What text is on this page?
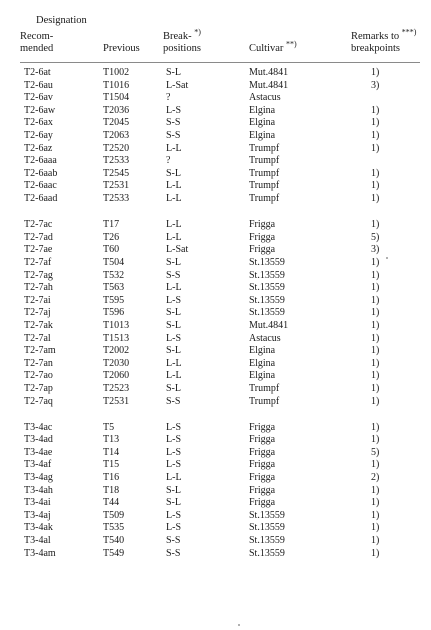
Designation
Recom-
mended	Previous
Break- *)
positions	Cultivar **)
Remarks to ***)
breakpoints
T2-6at	T1002	S-L	Mut.4841	1)
T2-6au	T1016	L-Sat	Mut.4841	3)
T2-6av	T1504	?	Astacus
T2-6aw	T2036	L-S	Elgina	1)
T2-6ax	T2045	S-S	Elgina	1)
T2-6ay	T2063	S-S	Elgina	1)
T2-6az	T2520	L-L	Trumpf	1)
T2-6aaa	T2533	?	Trumpf
T2-6aab	T2545	S-L	Trumpf	1)
T2-6aac	T2531	L-L	Trumpf	1)
T2-6aad	T2533	L-L	Trumpf	1)
T2-7ac	T17	L-L	Frigga	1)
T2-7ad	T26	L-L	Frigga	5)
T2-7ae	T60	L-Sat	Frigga	3)
T2-7af	T504	S-L	St.13559	1)
T2-7ag	T532	S-S	St.13559	1)
T2-7ah	T563	L-L	St.13559	1)
T2-7ai	T595	L-S	St.13559	1)
T2-7aj	T596	S-L	St.13559	1)
T2-7ak	T1013	S-L	Mut.4841	1)
T2-7al	T1513	L-S	Astacus	1)
T2-7am	T2002	S-L	Elgina	1)
T2-7an	T2030	L-L	Elgina	1)
T2-7ao	T2060	L-L	Elgina	1)
T2-7ap	T2523	S-L	Trumpf	1)
T2-7aq	T2531	S-S	Trumpf	1)
T3-4ac	T5	L-S	Frigga	1)
T3-4ad	T13	L-S	Frigga	1)
T3-4ae	T14	L-S	Frigga	5)
T3-4af	T15	L-S	Frigga	1)
T3-4ag	T16	L-L	Frigga	2)
T3-4ah	T18	S-L	Frigga	1)
T3-4ai	T44	S-L	Frigga	1)
T3-4aj	T509	L-S	St.13559	1)
T3-4ak	T535	L-S	St.13559	1)
T3-4al	T540	S-S	St.13559	1)
T3-4am	T549	S-S	St.13559	1)
